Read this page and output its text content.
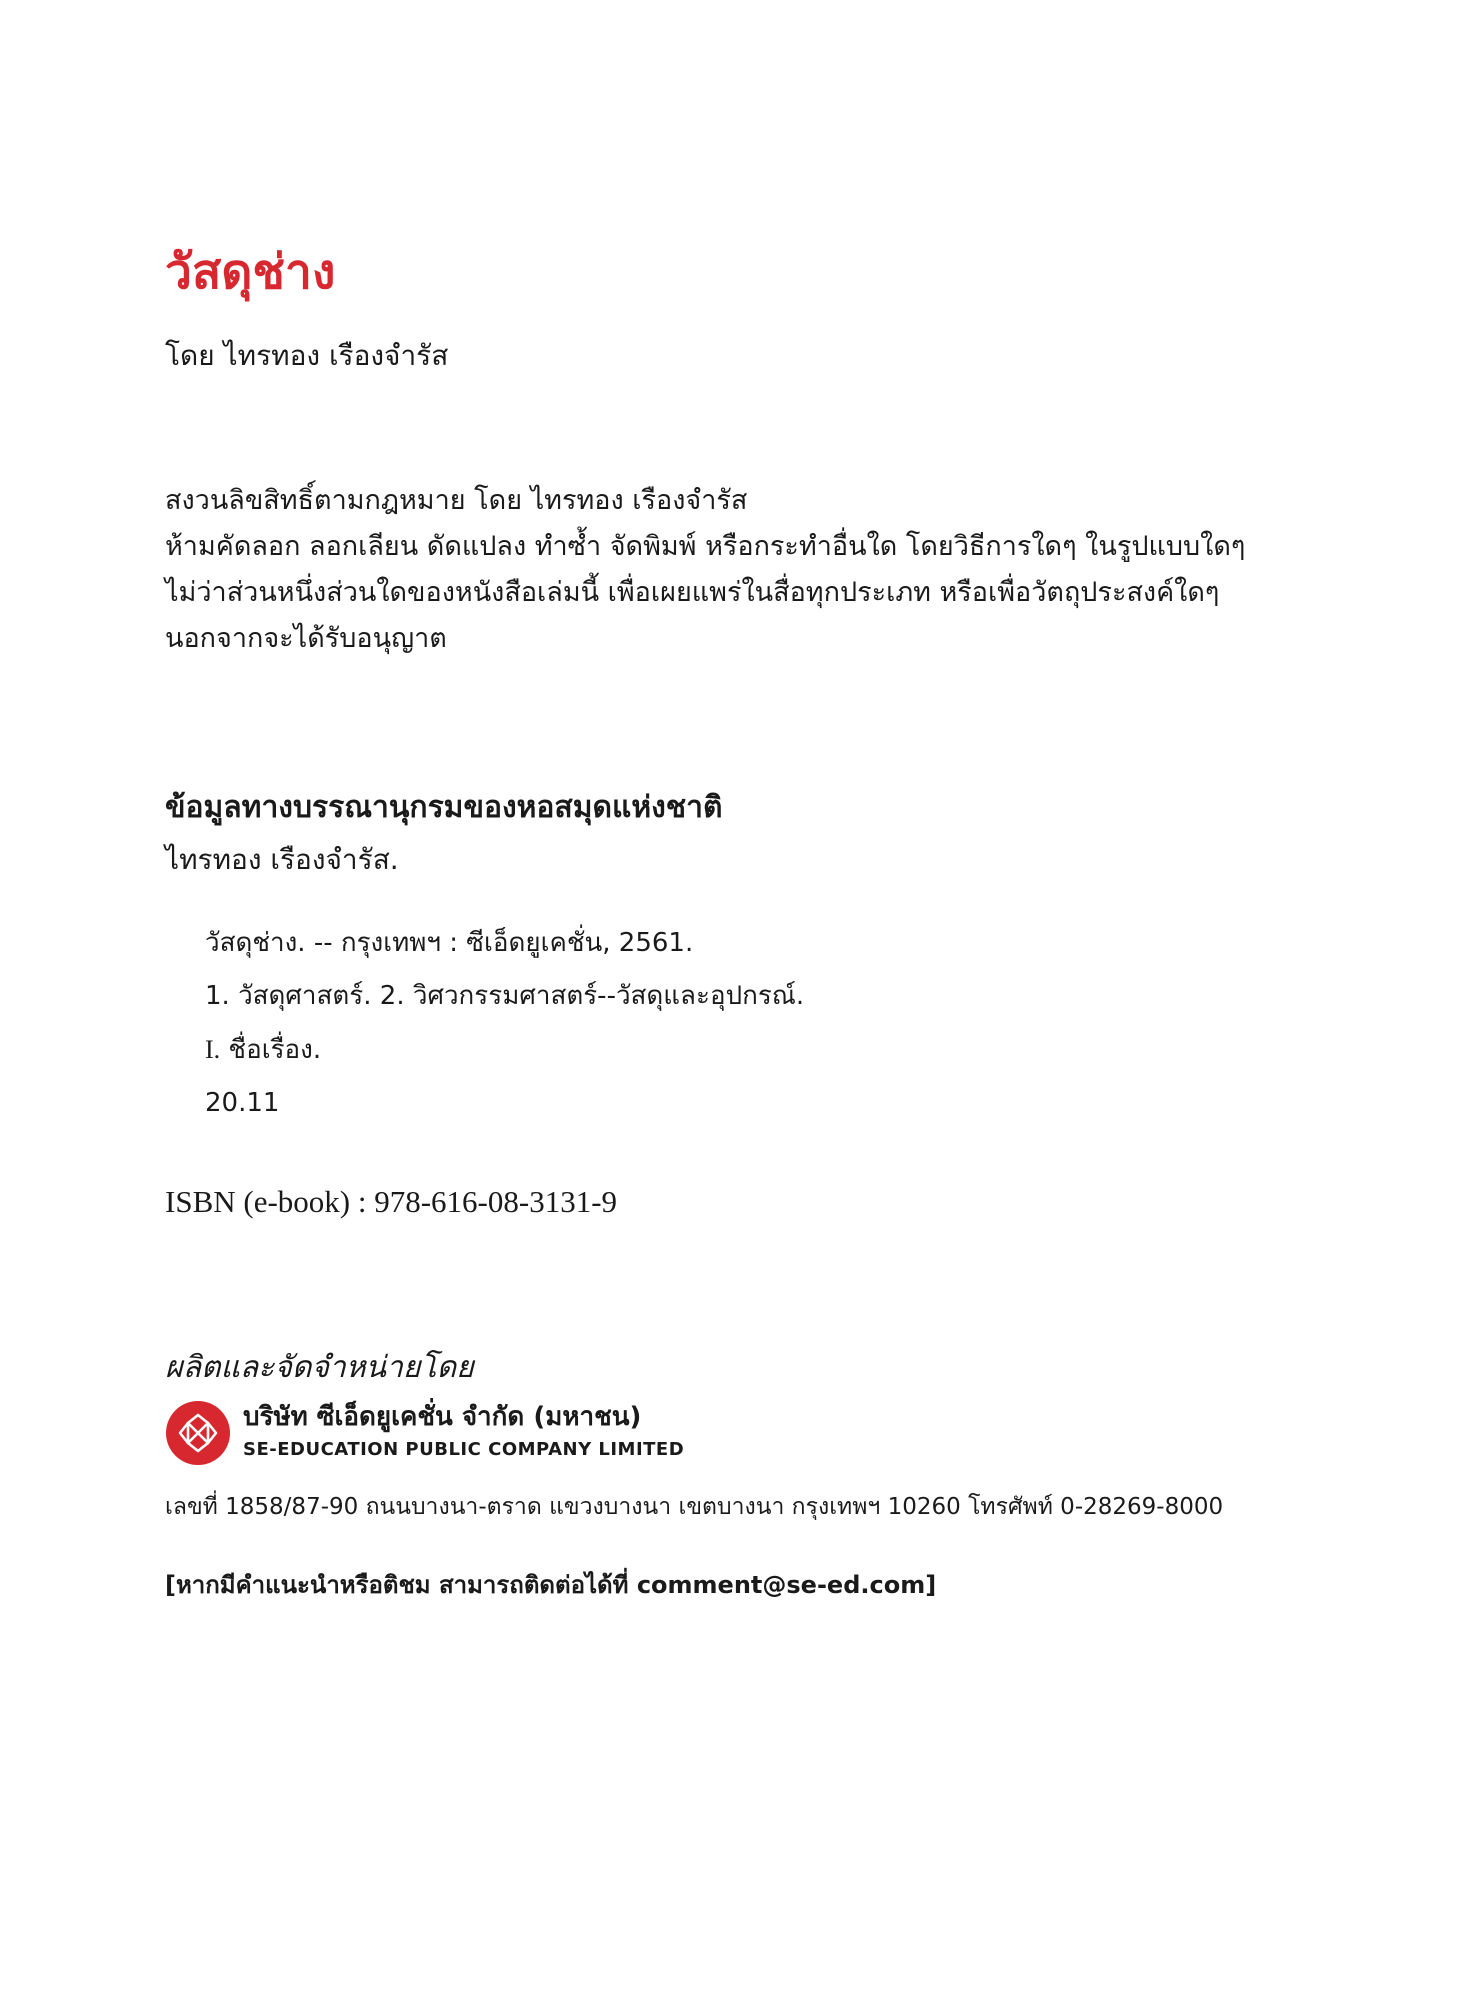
วัสดุช่าง
โดย ไทรทอง เรืองจำรัส
สงวนลิขสิทธิ์ตามกฎหมาย โดย ไทรทอง เรืองจำรัส
ห้ามคัดลอก ลอกเลียน ดัดแปลง ทำซ้ำ จัดพิมพ์ หรือกระทำอื่นใด โดยวิธีการใดๆ ในรูปแบบใดๆ
ไม่ว่าส่วนหนึ่งส่วนใดของหนังสือเล่มนี้ เพื่อเผยแพร่ในสื่อทุกประเภท หรือเพื่อวัตถุประสงค์ใดๆ
นอกจากจะได้รับอนุญาต
ข้อมูลทางบรรณานุกรมของหอสมุดแห่งชาติ
ไทรทอง เรืองจำรัส.
วัสดุช่าง. -- กรุงเทพฯ : ซีเอ็ดยูเคชั่น, 2561.
1. วัสดุศาสตร์. 2. วิศวกรรมศาสตร์--วัสดุและอุปกรณ์.
I. ชื่อเรื่อง.
20.11
ISBN (e-book) : 978-616-08-3131-9
ผลิตและจัดจำหน่ายโดย
บริษัท ซีเอ็ดยูเคชั่น จำกัด (มหาชน)
SE-EDUCATION PUBLIC COMPANY LIMITED
เลขที่ 1858/87-90 ถนนบางนา-ตราด แขวงบางนา เขตบางนา กรุงเทพฯ 10260 โทรศัพท์ 0-28269-8000
[หากมีคำแนะนำหรือติชม สามารถติดต่อได้ที่ comment@se-ed.com]
